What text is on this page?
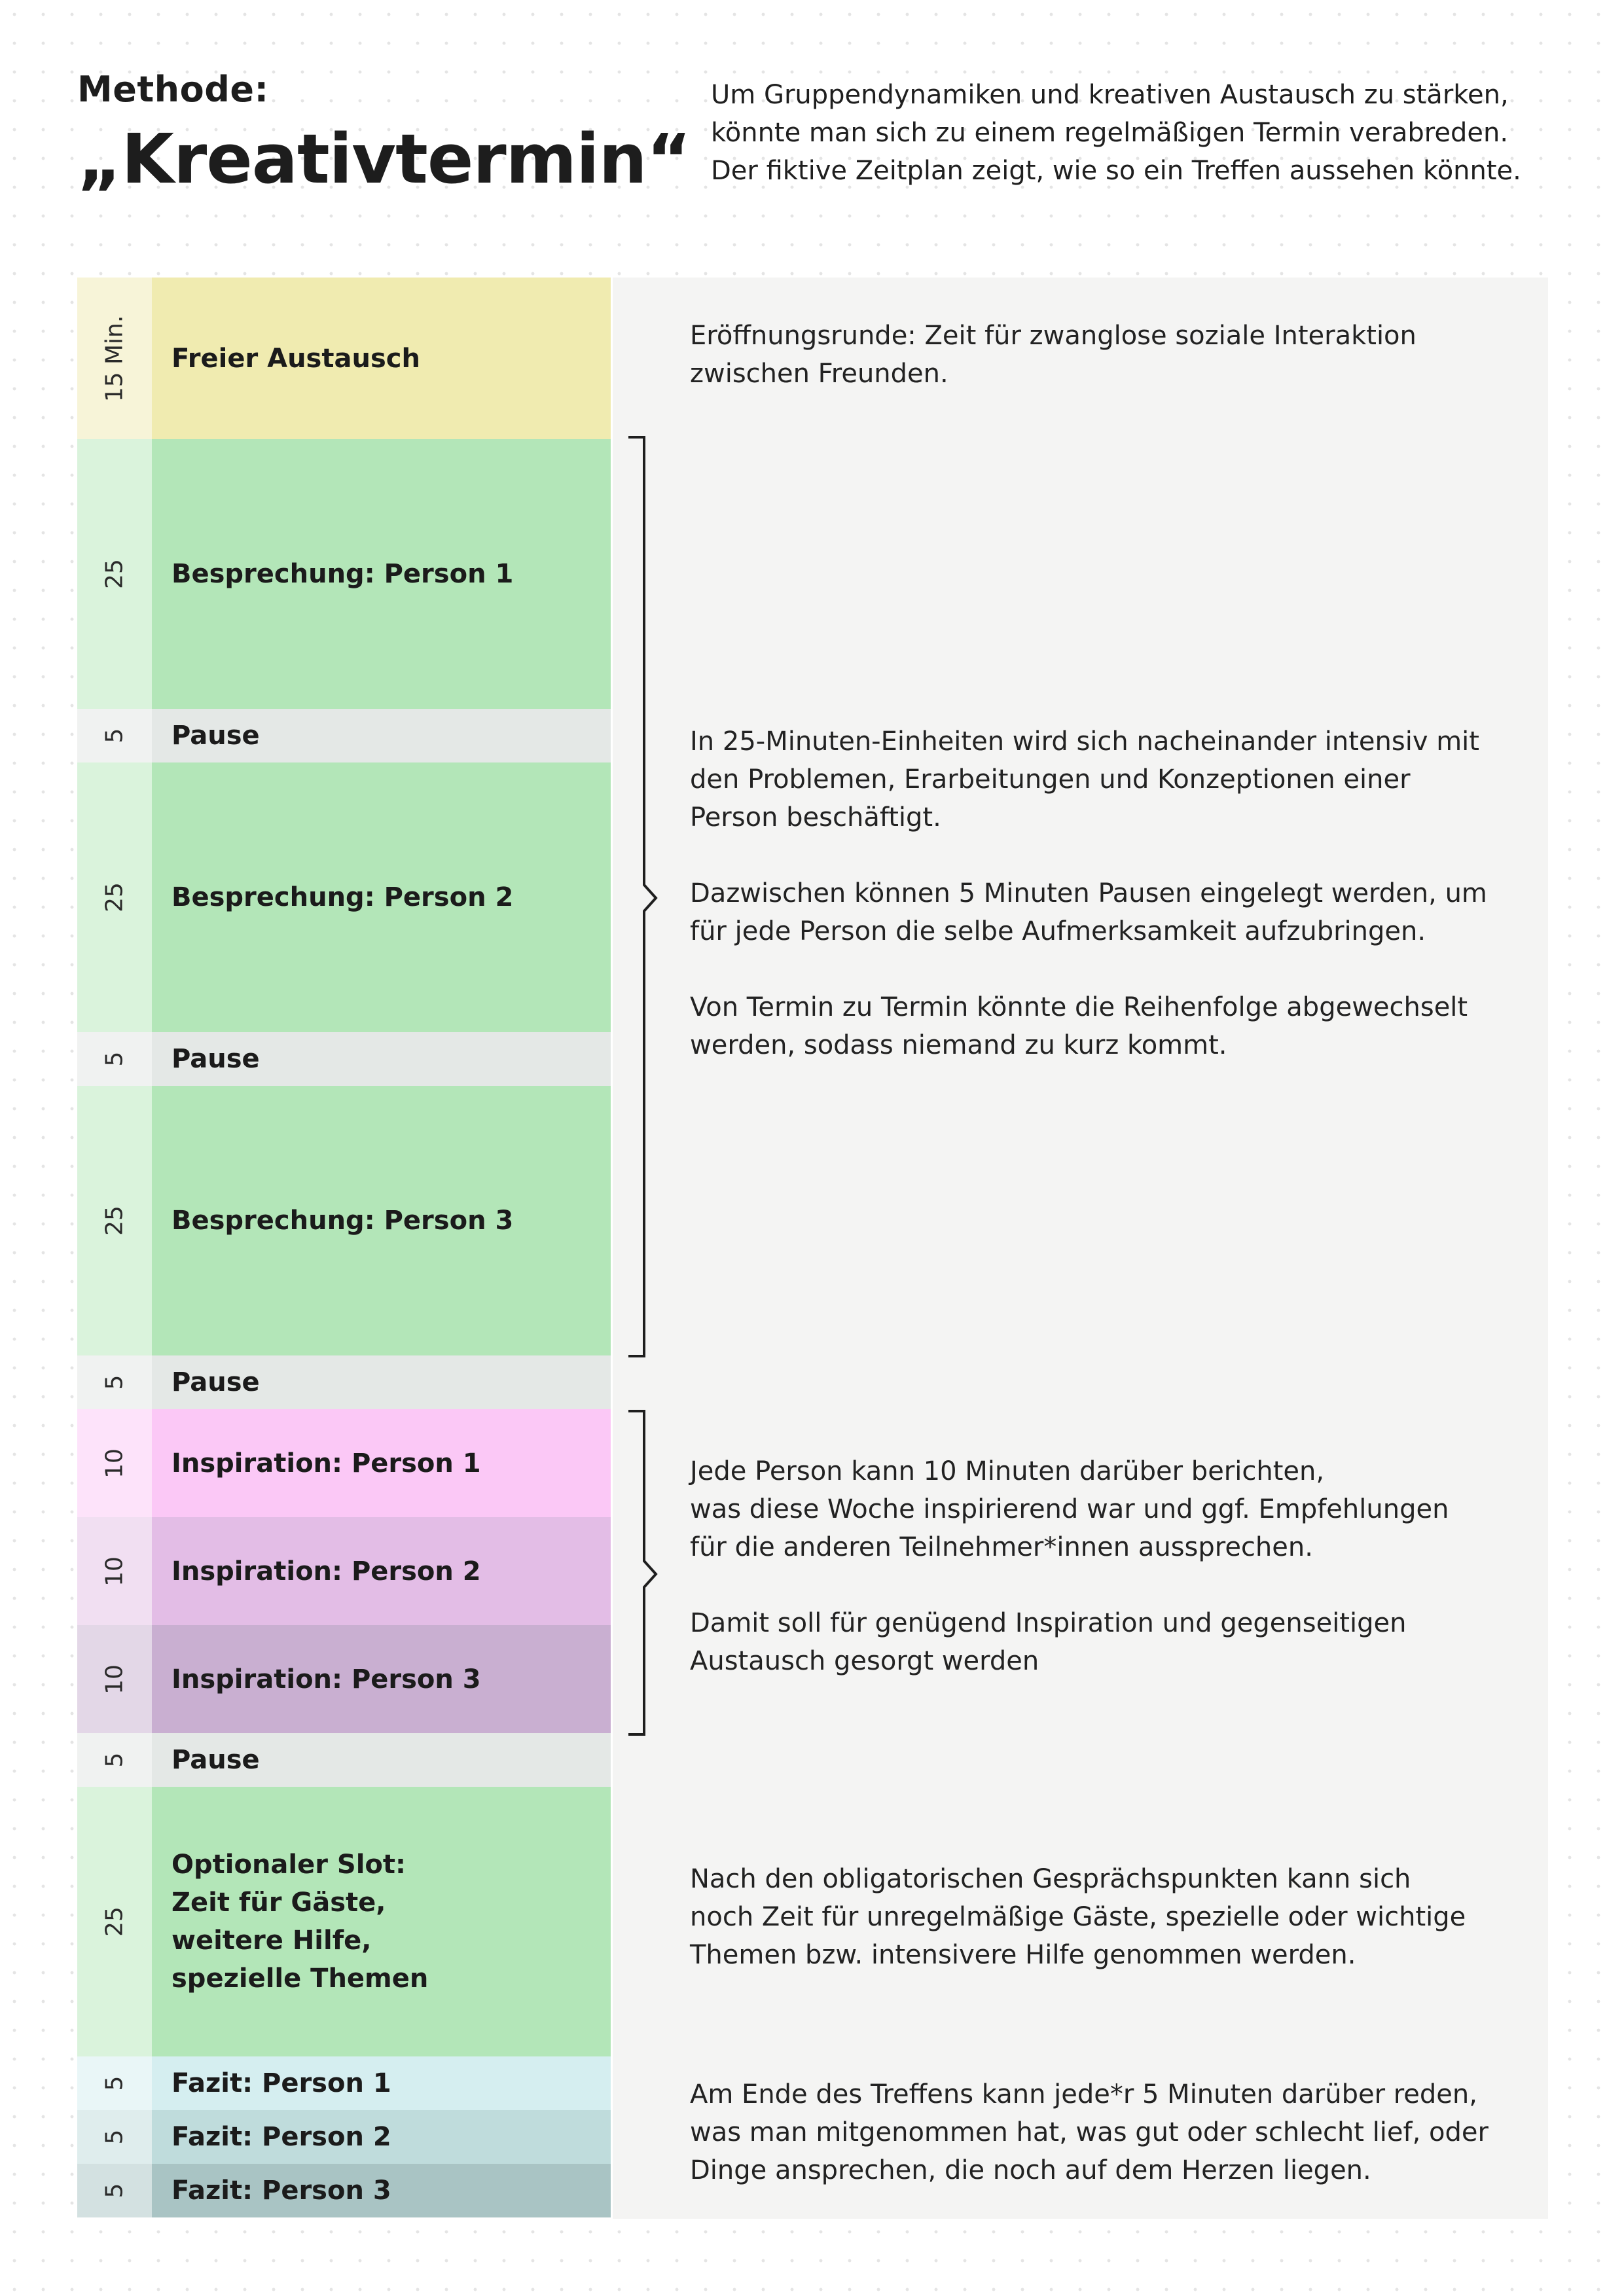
Methode:
„Kreativtermin“
Um Gruppendynamiken und kreativen Austausch zu stärken,
könnte man sich zu einem regelmäßigen Termin verabreden.
Der fiktive Zeitplan zeigt, wie so ein Treffen aussehen könnte.
15 Min. Freier Austausch
25 Besprechung: Person 1
5 Pause
25 Besprechung: Person 2
5 Pause
25 Besprechung: Person 3
5 Pause
10 Inspiration: Person 1
10 Inspiration: Person 2
10 Inspiration: Person 3
5 Pause
25
Optionaler Slot:
Zeit für Gäste,
weitere Hilfe,
spezielle Themen
5 Fazit: Person 1
5 Fazit: Person 2
5 Fazit: Person 3
Eröffnungsrunde: Zeit für zwanglose soziale Interaktion
zwischen Freunden.
In 25-Minuten-Einheiten wird sich nacheinander intensiv mit
den Problemen, Erarbeitungen und Konzeptionen einer
Person beschäftigt.
Dazwischen können 5 Minuten Pausen eingelegt werden, um
für jede Person die selbe Aufmerksamkeit aufzubringen.
Von Termin zu Termin könnte die Reihenfolge abgewechselt
werden, sodass niemand zu kurz kommt.
Jede Person kann 10 Minuten darüber berichten,
was diese Woche inspirierend war und ggf. Empfehlungen
für die anderen Teilnehmer*innen aussprechen.
Damit soll für genügend Inspiration und gegenseitigen
Austausch gesorgt werden
Nach den obligatorischen Gesprächspunkten kann sich
noch Zeit für unregelmäßige Gäste, spezielle oder wichtige
Themen bzw. intensivere Hilfe genommen werden.
Am Ende des Treffens kann jede*r 5 Minuten darüber reden,
was man mitgenommen hat, was gut oder schlecht lief, oder
Dinge ansprechen, die noch auf dem Herzen liegen.
